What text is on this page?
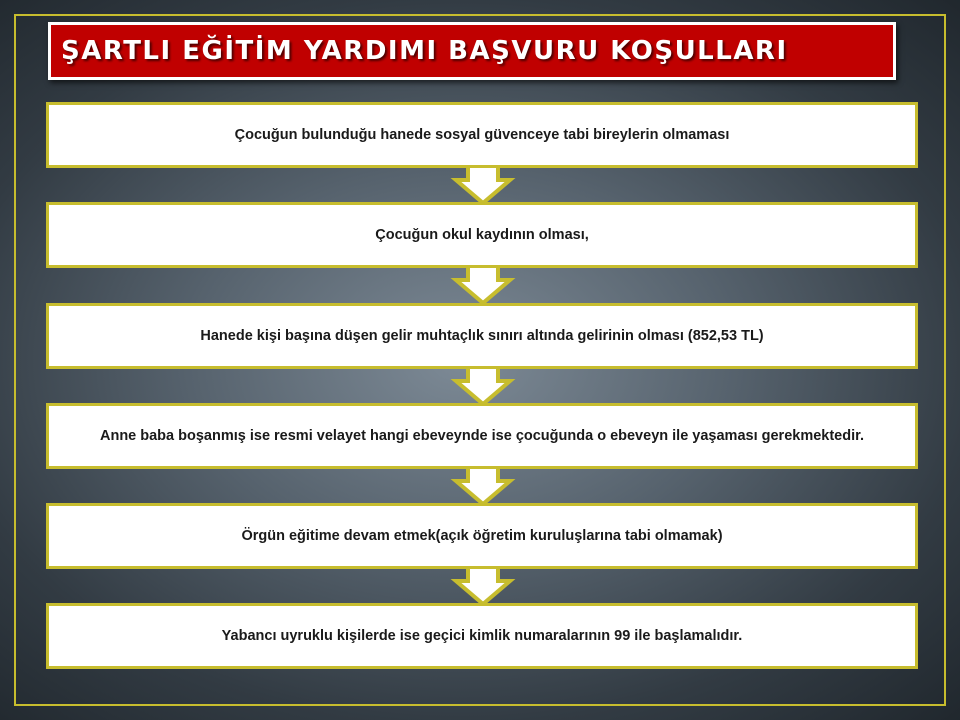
ŞARTLI EĞİTİM YARDIMI BAŞVURU KOŞULLARI
Çocuğun bulunduğu hanede sosyal güvenceye tabi bireylerin olmaması
Çocuğun okul kaydının olması,
Hanede kişi başına düşen gelir muhtaçlık sınırı altında gelirinin olması (852,53 TL)
Anne baba boşanmış ise resmi velayet hangi ebeveynde ise çocuğunda o ebeveyn ile yaşaması gerekmektedir.
Örgün eğitime devam etmek(açık öğretim kuruluşlarına tabi olmamak)
Yabancı uyruklu kişilerde ise geçici kimlik numaralarının 99 ile başlamalıdır.
